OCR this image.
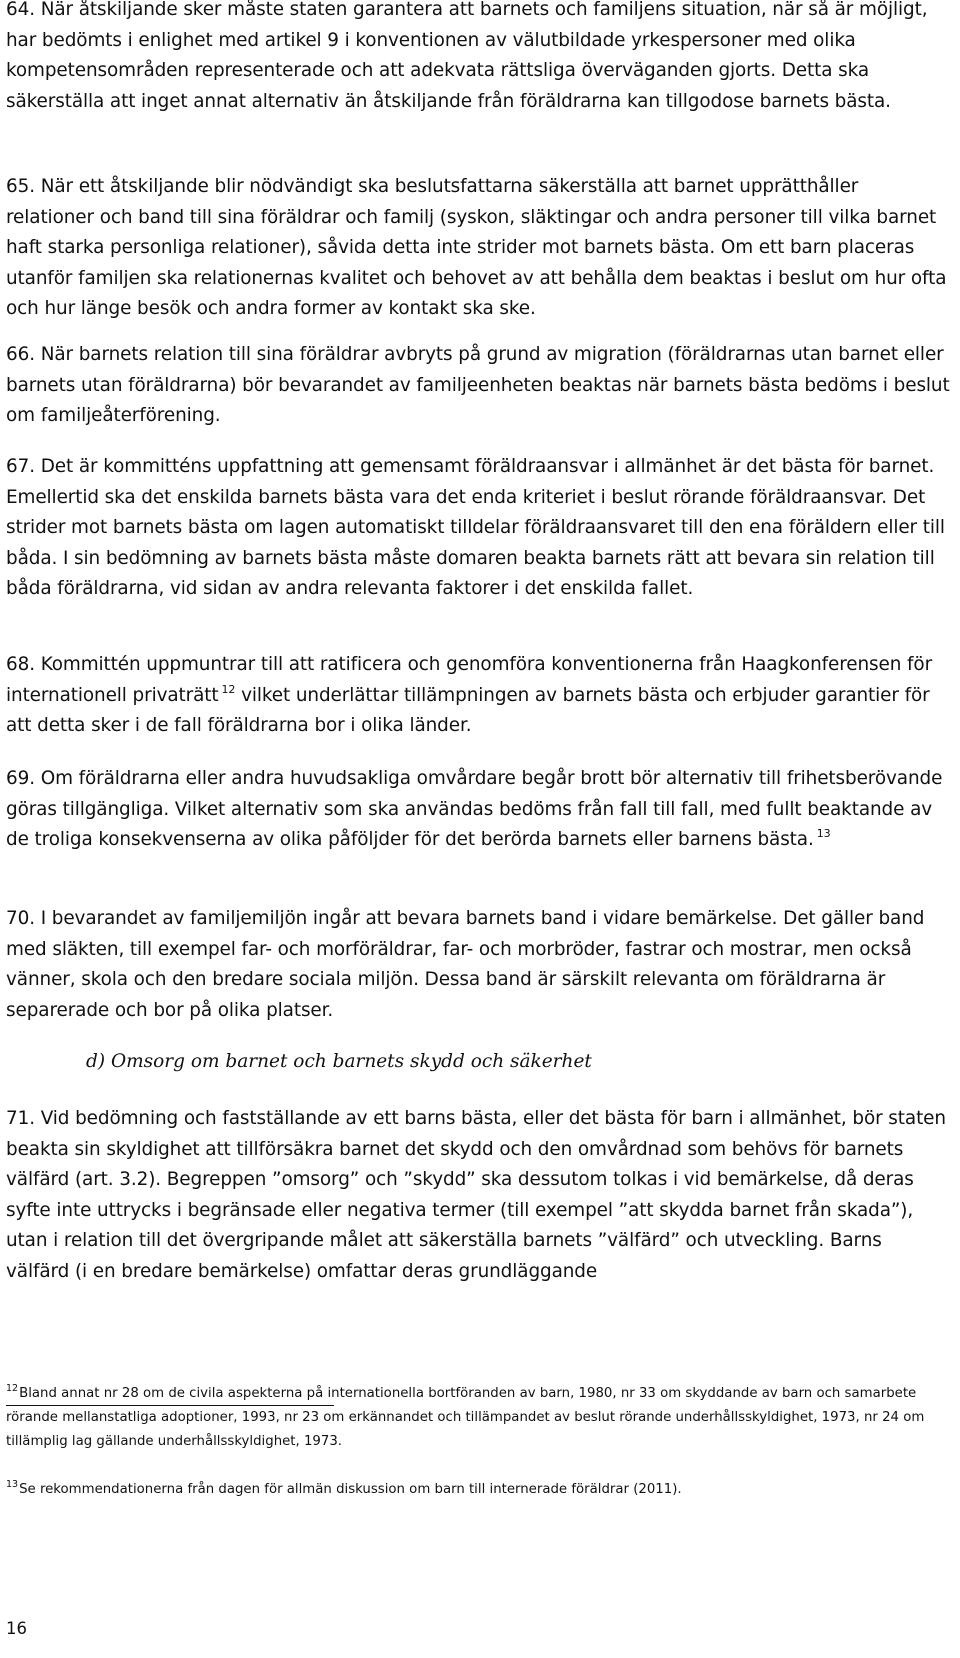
64. När åtskiljande sker måste staten garantera att barnets och familjens situation, när så är möjligt, har bedömts i enlighet med artikel 9 i konventionen av välutbildade yrkespersoner med olika kompetensområden representerade och att adekvata rättsliga överväganden gjorts. Detta ska säkerställa att inget annat alternativ än åtskiljande från föräldrarna kan tillgodose barnets bästa.

65. När ett åtskiljande blir nödvändigt ska beslutsfattarna säkerställa att barnet upprätthåller relationer och band till sina föräldrar och familj (syskon, släktingar och andra personer till vilka barnet haft starka personliga relationer), såvida detta inte strider mot barnets bästa. Om ett barn placeras utanför familjen ska relationernas kvalitet och behovet av att behålla dem beaktas i beslut om hur ofta och hur länge besök och andra former av kontakt ska ske.

66. När barnets relation till sina föräldrar avbryts på grund av migration (föräldrarnas utan barnet eller barnets utan föräldrarna) bör bevarandet av familjeenheten beaktas när barnets bästa bedöms i beslut om familjeåterförening.

67. Det är kommitténs uppfattning att gemensamt föräldraansvar i allmänhet är det bästa för barnet. Emellertid ska det enskilda barnets bästa vara det enda kriteriet i beslut rörande föräldraansvar. Det strider mot barnets bästa om lagen automatiskt tilldelar föräldraansvaret till den ena föräldern eller till båda. I sin bedömning av barnets bästa måste domaren beakta barnets rätt att bevara sin relation till båda föräldrarna, vid sidan av andra relevanta faktorer i det enskilda fallet.

68. Kommittén uppmuntrar till att ratificera och genomföra konventionerna från Haagkonferensen för internationell privaträtt $^{12}$ vilket underlättar tillämpningen av barnets bästa och erbjuder garantier för att detta sker i de fall föräldrarna bor i olika länder.

69. Om föräldrarna eller andra huvudsakliga omvårdare begår brott bör alternativ till frihetsberövande göras tillgängliga. Vilket alternativ som ska användas bedöms från fall till fall, med fullt beaktande av de troliga konsekvenserna av olika påföljder för det berörda barnets eller barnens bästa. $^{13}$

70. I bevarandet av familjemiljön ingår att bevara barnets band i vidare bemärkelse. Det gäller band med släkten, till exempel far- och morföräldrar, far- och morbröder, fastrar och mostrar, men också vänner, skola och den bredare sociala miljön. Dessa band är särskilt relevanta om föräldrarna är separerade och bor på olika platser.

d) Omsorg om barnet och barnets skydd och säkerhet

71. Vid bedömning och fastställande av ett barns bästa, eller det bästa för barn i allmänhet, bör staten beakta sin skyldighet att tillförsäkra barnet det skydd och den omvårdnad som behövs för barnets välfärd (art. 3.2). Begreppen ”omsorg” och ”skydd” ska dessutom tolkas i vid bemärkelse, då deras syfte inte uttrycks i begränsade eller negativa termer (till exempel ”att skydda barnet från skada”), utan i relation till det övergripande målet att säkerställa barnets ”välfärd” och utveckling. Barns välfärd (i en bredare bemärkelse) omfattar deras grundläggande

$^{12}$Bland annat nr 28 om de civila aspekterna på internationella bortföranden av barn, 1980, nr 33 om skyddande av barn och samarbete rörande mellanstatliga adoptioner, 1993, nr 23 om erkännandet och tillämpandet av beslut rörande underhållsskyldighet, 1973, nr 24 om tillämplig lag gällande underhållsskyldighet, 1973.

$^{13}$Se rekommendationerna från dagen för allmän diskussion om barn till internerade föräldrar (2011).

16
